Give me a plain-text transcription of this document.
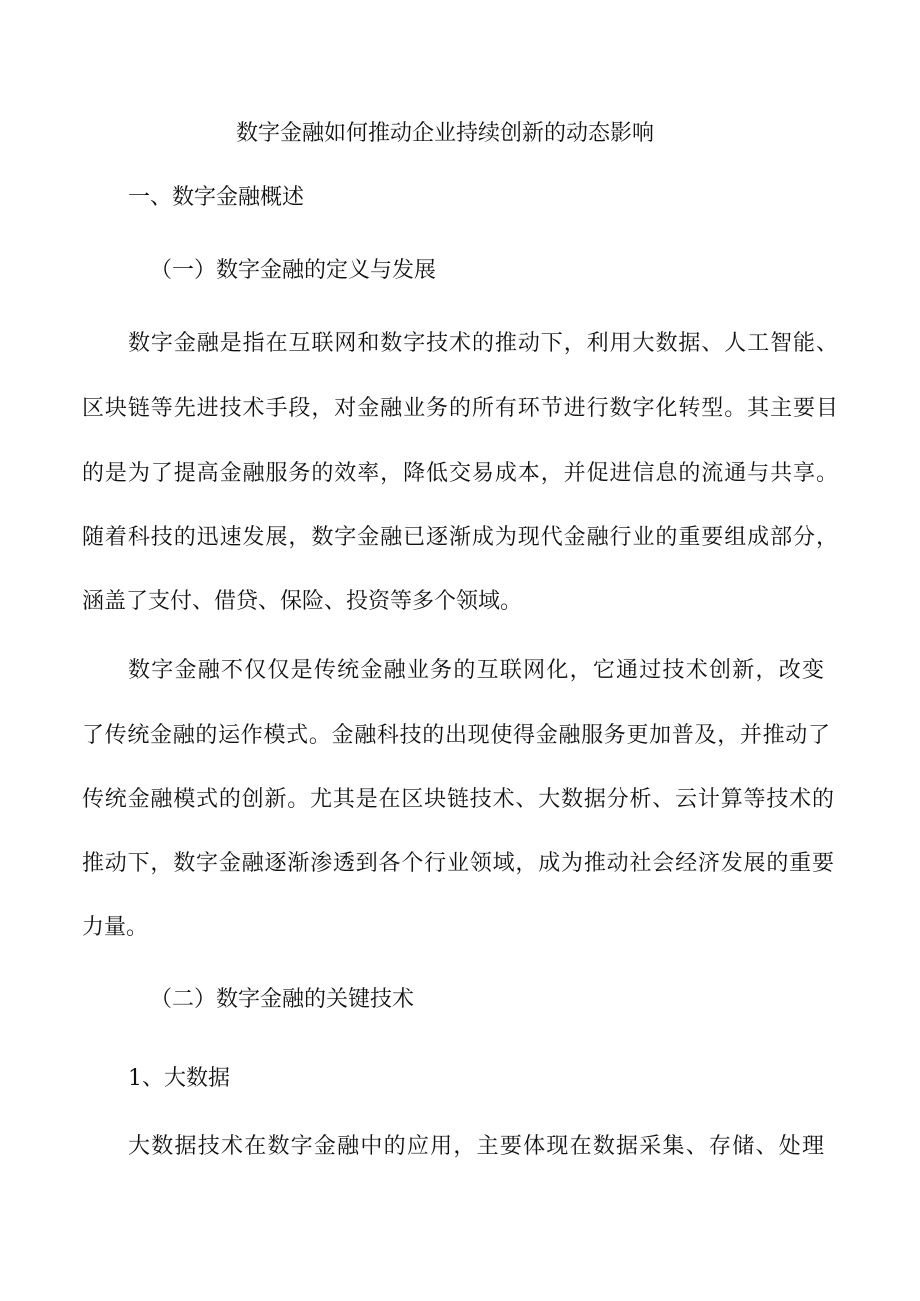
数字金融如何推动企业持续创新的动态影响
一、数字金融概述
（一）数字金融的定义与发展
数字金融是指在互联网和数字技术的推动下，利用大数据、人工智能、
区块链等先进技术手段，对金融业务的所有环节进行数字化转型。其主要目
的是为了提高金融服务的效率，降低交易成本，并促进信息的流通与共享。
随着科技的迅速发展，数字金融已逐渐成为现代金融行业的重要组成部分，
涵盖了支付、借贷、保险、投资等多个领域。
数字金融不仅仅是传统金融业务的互联网化，它通过技术创新，改变
了传统金融的运作模式。金融科技的出现使得金融服务更加普及，并推动了
传统金融模式的创新。尤其是在区块链技术、大数据分析、云计算等技术的
推动下，数字金融逐渐渗透到各个行业领域，成为推动社会经济发展的重要
力量。
（二）数字金融的关键技术
1、大数据
大数据技术在数字金融中的应用，主要体现在数据采集、存储、处理
